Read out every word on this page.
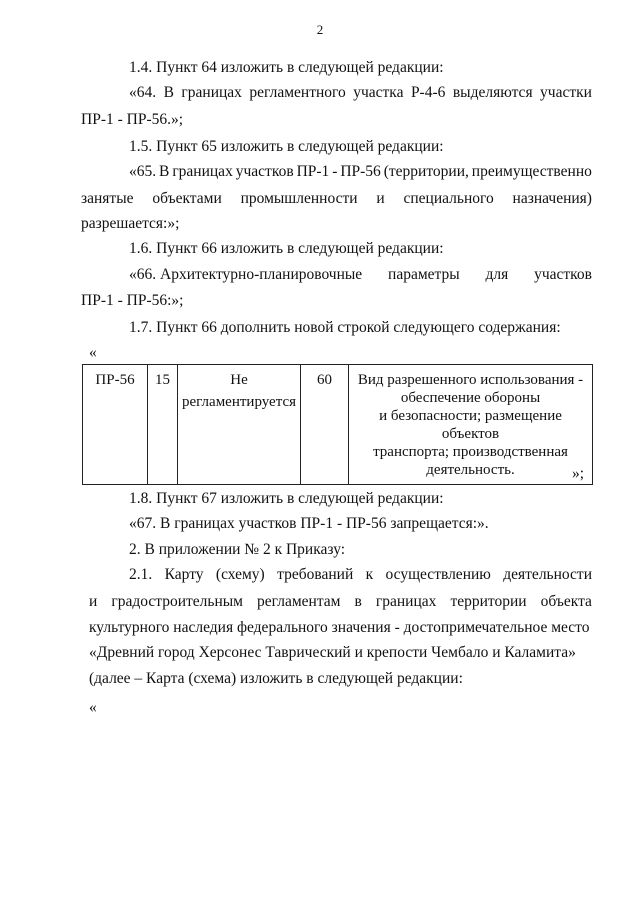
2
1.4. Пункт 64 изложить в следующей редакции:
«64. В границах регламентного участка Р-4-6 выделяются участки
ПР-1 - ПР-56.»;
1.5. Пункт 65 изложить в следующей редакции:
«65. В границах участков ПР-1 - ПР-56 (территории, преимущественно
занятые объектами промышленности и специального назначения)
разрешается:»;
1.6. Пункт 66 изложить в следующей редакции:
«66. Архитектурно-планировочные параметры для участков
ПР-1 - ПР-56:»;
1.7. Пункт 66 дополнить новой строкой следующего содержания:
«
ПР-56	15	Не
регламентируется
	60	Вид разрешенного использования -
обеспечение обороны
и безопасности; размещение объектов
транспорта; производственная
деятельность.	»;
1.8. Пункт 67 изложить в следующей редакции:
«67. В границах участков ПР-1 - ПР-56 запрещается:».
2. В приложении № 2 к Приказу:
2.1. Карту (схему) требований к осуществлению деятельности
и градостроительным регламентам в границах территории объекта
культурного наследия федерального значения - достопримечательное место
«Древний город Херсонес Таврический и крепости Чембало и Каламита»
(далее – Карта (схема) изложить в следующей редакции:
«
